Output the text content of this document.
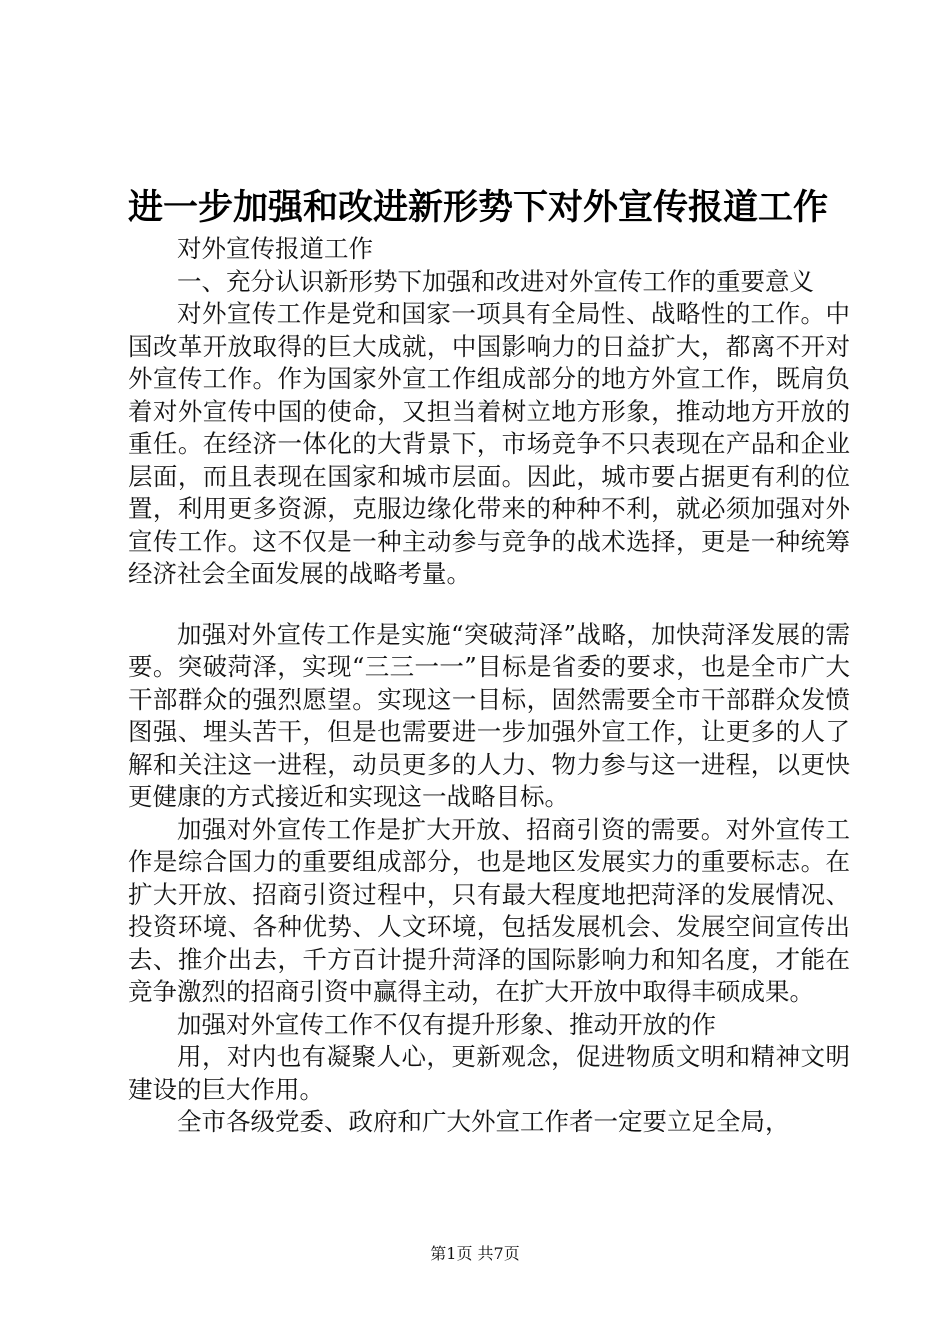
进一步加强和改进新形势下对外宣传报道工作

对外宣传报道工作

一、充分认识新形势下加强和改进对外宣传工作的重要意义

对外宣传工作是党和国家一项具有全局性、战略性的工作。中国改革开放取得的巨大成就，中国影响力的日益扩大，都离不开对外宣传工作。作为国家外宣工作组成部分的地方外宣工作，既肩负着对外宣传中国的使命，又担当着树立地方形象，推动地方开放的重任。在经济一体化的大背景下，市场竞争不只表现在产品和企业层面，而且表现在国家和城市层面。因此，城市要占据更有利的位置，利用更多资源，克服边缘化带来的种种不利，就必须加强对外宣传工作。这不仅是一种主动参与竞争的战术选择，更是一种统筹经济社会全面发展的战略考量。

加强对外宣传工作是实施“突破菏泽”战略，加快菏泽发展的需要。突破菏泽，实现“三三一一”目标是省委的要求，也是全市广大干部群众的强烈愿望。实现这一目标，固然需要全市干部群众发愤图强、埋头苦干，但是也需要进一步加强外宣工作，让更多的人了解和关注这一进程，动员更多的人力、物力参与这一进程，以更快更健康的方式接近和实现这一战略目标。

加强对外宣传工作是扩大开放、招商引资的需要。对外宣传工作是综合国力的重要组成部分，也是地区发展实力的重要标志。在扩大开放、招商引资过程中，只有最大程度地把菏泽的发展情况、投资环境、各种优势、人文环境，包括发展机会、发展空间宣传出去、推介出去，千方百计提升菏泽的国际影响力和知名度，才能在竞争激烈的招商引资中赢得主动，在扩大开放中取得丰硕成果。

加强对外宣传工作不仅有提升形象、推动开放的作

用，对内也有凝聚人心，更新观念，促进物质文明和精神文明建设的巨大作用。

全市各级党委、政府和广大外宣工作者一定要立足全局，

第1页 共7页
